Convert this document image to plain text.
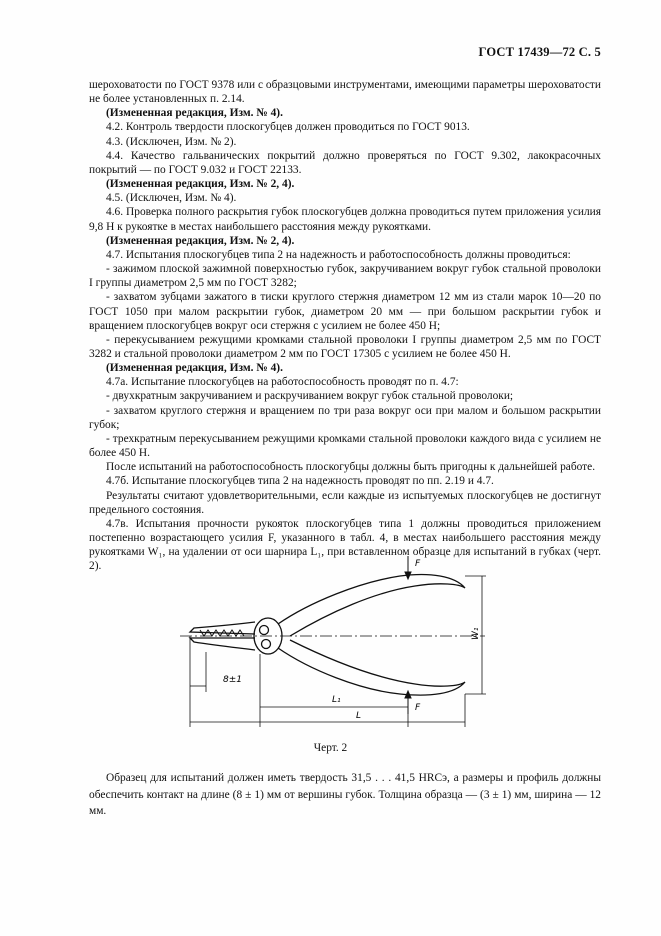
ГОСТ 17439—72 С. 5

шероховатости по ГОСТ 9378 или с образцовыми инструментами, имеющими параметры шероховатости не более установленных п. 2.14.

(Измененная редакция, Изм. № 4).

4.2. Контроль твердости плоскогубцев должен проводиться по ГОСТ 9013.

4.3. (Исключен, Изм. № 2).

4.4. Качество гальванических покрытий должно проверяться по ГОСТ 9.302, лакокрасочных покрытий — по ГОСТ 9.032 и ГОСТ 22133.

(Измененная редакция, Изм. № 2, 4).

4.5. (Исключен, Изм. № 4).

4.6. Проверка полного раскрытия губок плоскогубцев должна проводиться путем приложения усилия 9,8 Н к рукоятке в местах наибольшего расстояния между рукоятками.

(Измененная редакция, Изм. № 2, 4).

4.7. Испытания плоскогубцев типа 2 на надежность и работоспособность должны проводиться:

- зажимом плоской зажимной поверхностью губок, закручиванием вокруг губок стальной проволоки I группы диаметром 2,5 мм по ГОСТ 3282;

- захватом зубцами зажатого в тиски круглого стержня диаметром 12 мм из стали марок 10—20 по ГОСТ 1050 при малом раскрытии губок, диаметром 20 мм — при большом раскрытии губок и вращением плоскогубцев вокруг оси стержня с усилием не более 450 Н;

- перекусыванием режущими кромками стальной проволоки I группы диаметром 2,5 мм по ГОСТ 3282 и стальной проволоки диаметром 2 мм по ГОСТ 17305 с усилием не более 450 Н.

(Измененная редакция, Изм. № 4).

4.7а. Испытание плоскогубцев на работоспособность проводят по п. 4.7:

- двухкратным закручиванием и раскручиванием вокруг губок стальной проволоки;

- захватом круглого стержня и вращением по три раза вокруг оси при малом и большом раскрытии губок;

- трехкратным перекусыванием режущими кромками стальной проволоки каждого вида с усилием не более 450 Н.

После испытаний на работоспособность плоскогубцы должны быть пригодны к дальнейшей работе.

4.7б. Испытание плоскогубцев типа 2 на надежность проводят по пп. 2.19 и 4.7.

Результаты считают удовлетворительными, если каждые из испытуемых плоскогубцев не достигнут предельного состояния.

4.7в. Испытания прочности рукояток плоскогубцев типа 1 должны проводиться приложением постепенно возрастающего усилия F, указанного в табл. 4, в местах наибольшего расстояния между рукоятками W₁, на удалении от оси шарнира L₁, при вставленном образце для испытаний в губках (черт. 2).	F
F
W₁
8±1
L₁
L
Черт. 2

Образец для испытаний должен иметь твердость 31,5 . . . 41,5 HRCэ, а размеры и профиль должны обеспечить контакт на длине (8 ± 1) мм от вершины губок. Толщина образца — (3 ± 1) мм, ширина — 12 мм.
